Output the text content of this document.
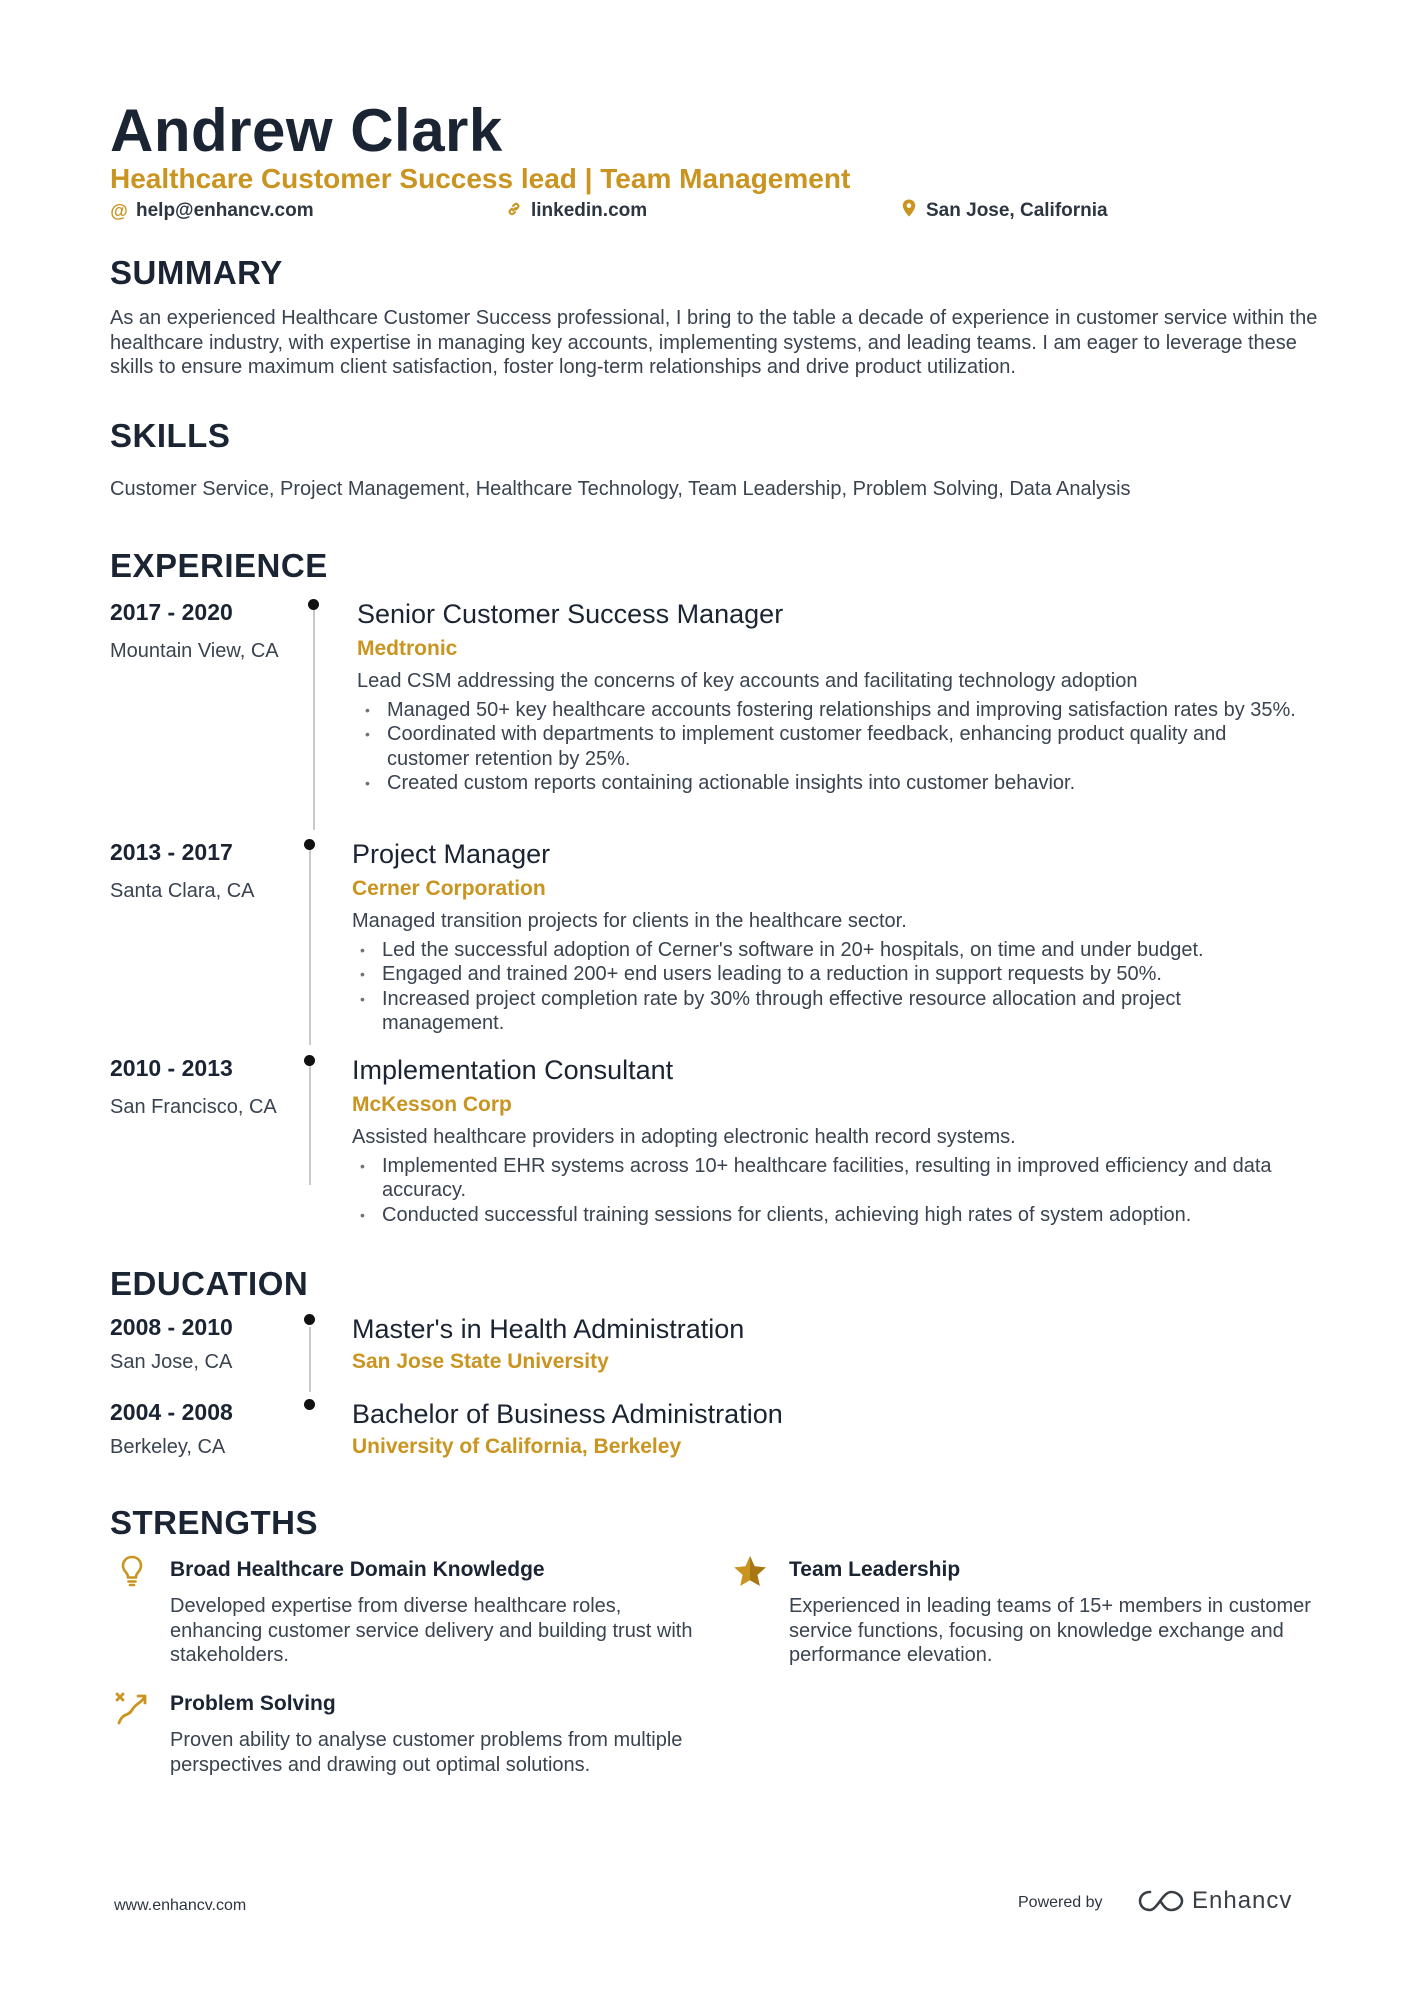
Andrew Clark
Healthcare Customer Success lead | Team Management
@ help@enhancv.com	linkedin.com	San Jose, California
SUMMARY
As an experienced Healthcare Customer Success professional, I bring to the table a decade of experience in customer service within the healthcare industry, with expertise in managing key accounts, implementing systems, and leading teams. I am eager to leverage these skills to ensure maximum client satisfaction, foster long-term relationships and drive product utilization.
SKILLS
Customer Service, Project Management, Healthcare Technology, Team Leadership, Problem Solving, Data Analysis
EXPERIENCE
2017 - 2020
Mountain View, CA
Senior Customer Success Manager
Medtronic
Lead CSM addressing the concerns of key accounts and facilitating technology adoption
• Managed 50+ key healthcare accounts fostering relationships and improving satisfaction rates by 35%.
• Coordinated with departments to implement customer feedback, enhancing product quality and customer retention by 25%.
• Created custom reports containing actionable insights into customer behavior.
2013 - 2017
Santa Clara, CA
Project Manager
Cerner Corporation
Managed transition projects for clients in the healthcare sector.
• Led the successful adoption of Cerner's software in 20+ hospitals, on time and under budget.
• Engaged and trained 200+ end users leading to a reduction in support requests by 50%.
• Increased project completion rate by 30% through effective resource allocation and project management.
2010 - 2013
San Francisco, CA
Implementation Consultant
McKesson Corp
Assisted healthcare providers in adopting electronic health record systems.
• Implemented EHR systems across 10+ healthcare facilities, resulting in improved efficiency and data accuracy.
• Conducted successful training sessions for clients, achieving high rates of system adoption.
EDUCATION
2008 - 2010
San Jose, CA
Master's in Health Administration
San Jose State University
2004 - 2008
Berkeley, CA
Bachelor of Business Administration
University of California, Berkeley
STRENGTHS
Broad Healthcare Domain Knowledge
Developed expertise from diverse healthcare roles, enhancing customer service delivery and building trust with stakeholders.
Team Leadership
Experienced in leading teams of 15+ members in customer service functions, focusing on knowledge exchange and performance elevation.
Problem Solving
Proven ability to analyse customer problems from multiple perspectives and drawing out optimal solutions.
www.enhancv.com	Powered by	Enhancv
